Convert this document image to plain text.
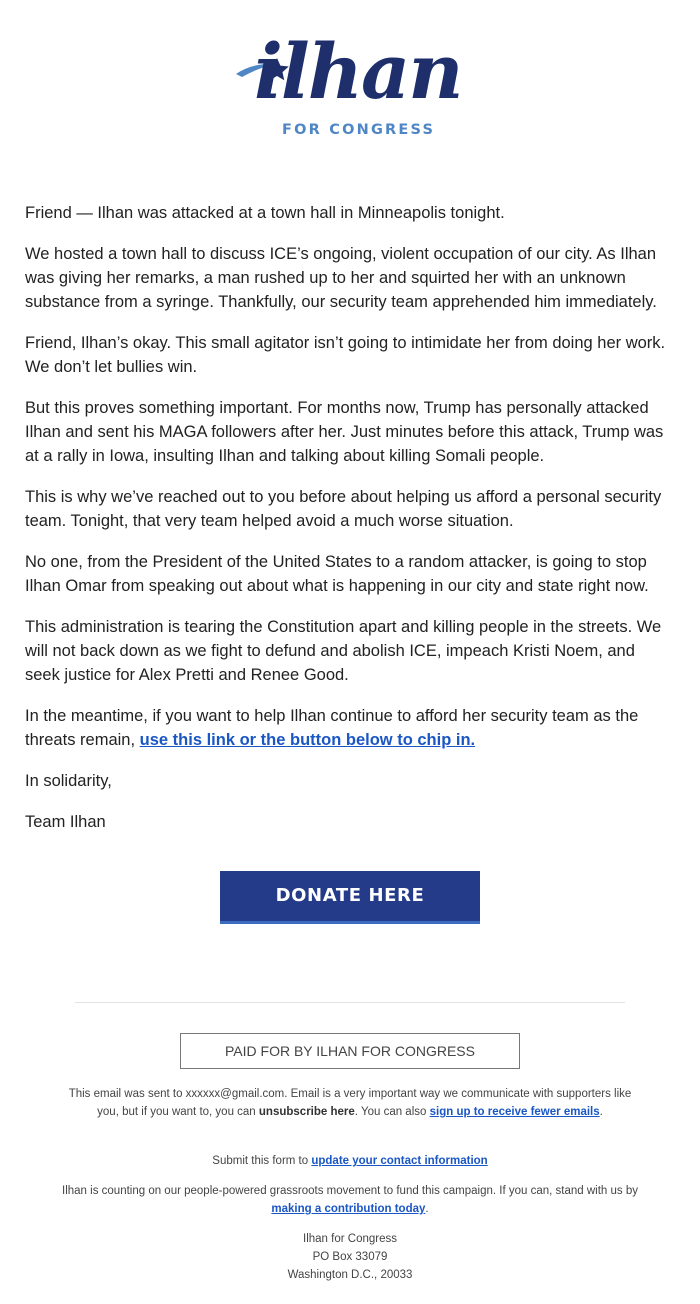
ilhan
FOR CONGRESS

Friend — Ilhan was attacked at a town hall in Minneapolis tonight.

We hosted a town hall to discuss ICE’s ongoing, violent occupation of our city. As Ilhan was giving her remarks, a man rushed up to her and squirted her with an unknown substance from a syringe. Thankfully, our security team apprehended him immediately.

Friend, Ilhan’s okay. This small agitator isn’t going to intimidate her from doing her work. We don’t let bullies win.

But this proves something important. For months now, Trump has personally attacked Ilhan and sent his MAGA followers after her. Just minutes before this attack, Trump was at a rally in Iowa, insulting Ilhan and talking about killing Somali people.

This is why we’ve reached out to you before about helping us afford a personal security team. Tonight, that very team helped avoid a much worse situation.

No one, from the President of the United States to a random attacker, is going to stop Ilhan Omar from speaking out about what is happening in our city and state right now.

This administration is tearing the Constitution apart and killing people in the streets. We will not back down as we fight to defund and abolish ICE, impeach Kristi Noem, and seek justice for Alex Pretti and Renee Good.

In the meantime, if you want to help Ilhan continue to afford her security team as the threats remain, use this link or the button below to chip in.

In solidarity,

Team Ilhan

DONATE HERE
PAID FOR BY ILHAN FOR CONGRESS

This email was sent to xxxxxx@gmail.com. Email is a very important way we communicate with supporters like you, but if you want to, you can unsubscribe here. You can also sign up to receive fewer emails.

Submit this form to update your contact information

Ilhan is counting on our people-powered grassroots movement to fund this campaign. If you can, stand with us by making a contribution today.

Ilhan for Congress

PO Box 33079

Washington D.C., 20033
